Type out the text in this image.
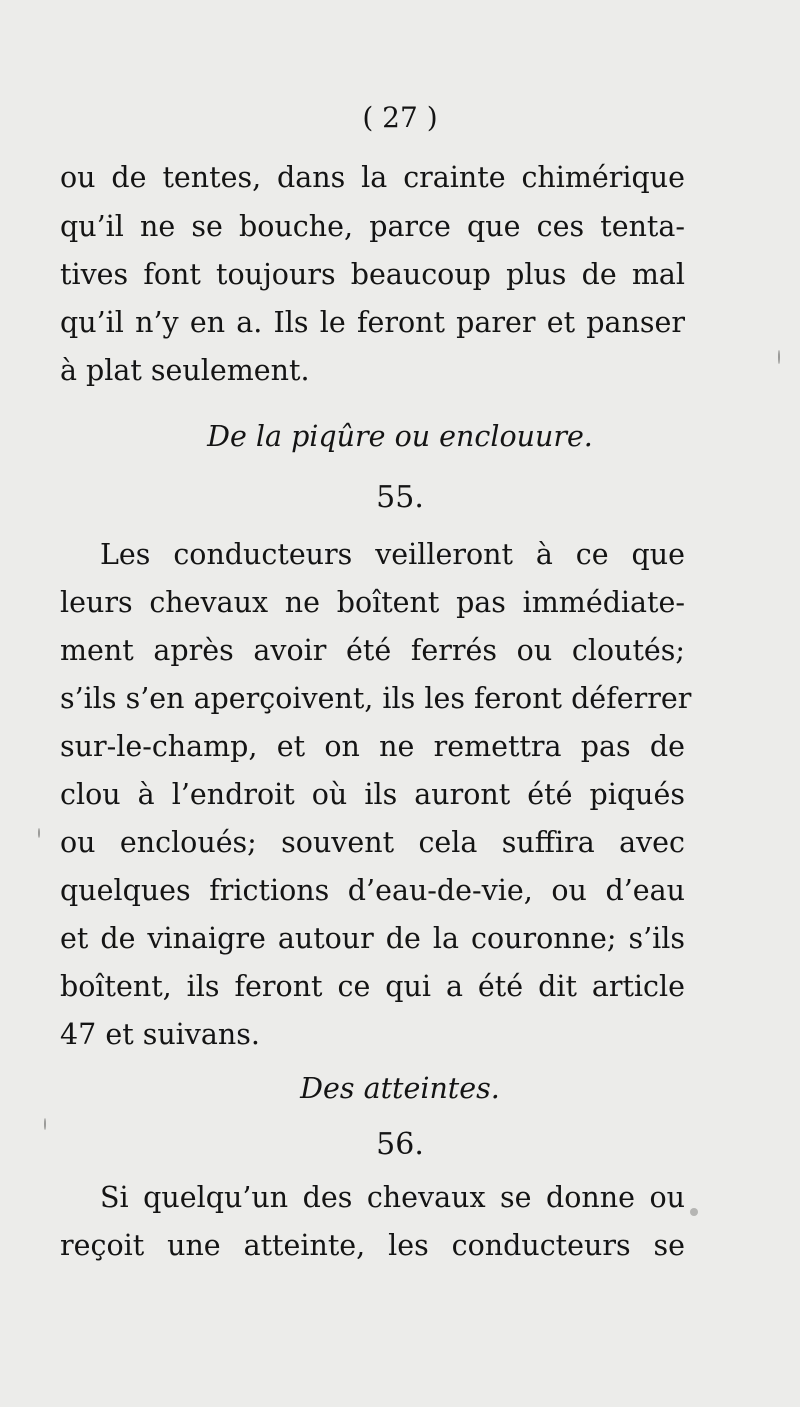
( 27 )
ou de tentes, dans la crainte chimérique
qu’il ne se bouche, parce que ces tenta-
tives font toujours beaucoup plus de mal
qu’il n’y en a. Ils le feront parer et panser
à plat seulement.
De la piqûre ou enclouure.
55.
Les conducteurs veilleront à ce que
leurs chevaux ne boîtent pas immédiate-
ment après avoir été ferrés ou cloutés;
s’ils s’en aperçoivent, ils les feront déferrer
sur-le-champ, et on ne remettra pas de
clou à l’endroit où ils auront été piqués
ou encloués; souvent cela suffira avec
quelques frictions d’eau-de-vie, ou d’eau
et de vinaigre autour de la couronne; s’ils
boîtent, ils feront ce qui a été dit article
47 et suivans.
Des atteintes.
56.
Si quelqu’un des chevaux se donne ou
reçoit une atteinte, les conducteurs se
